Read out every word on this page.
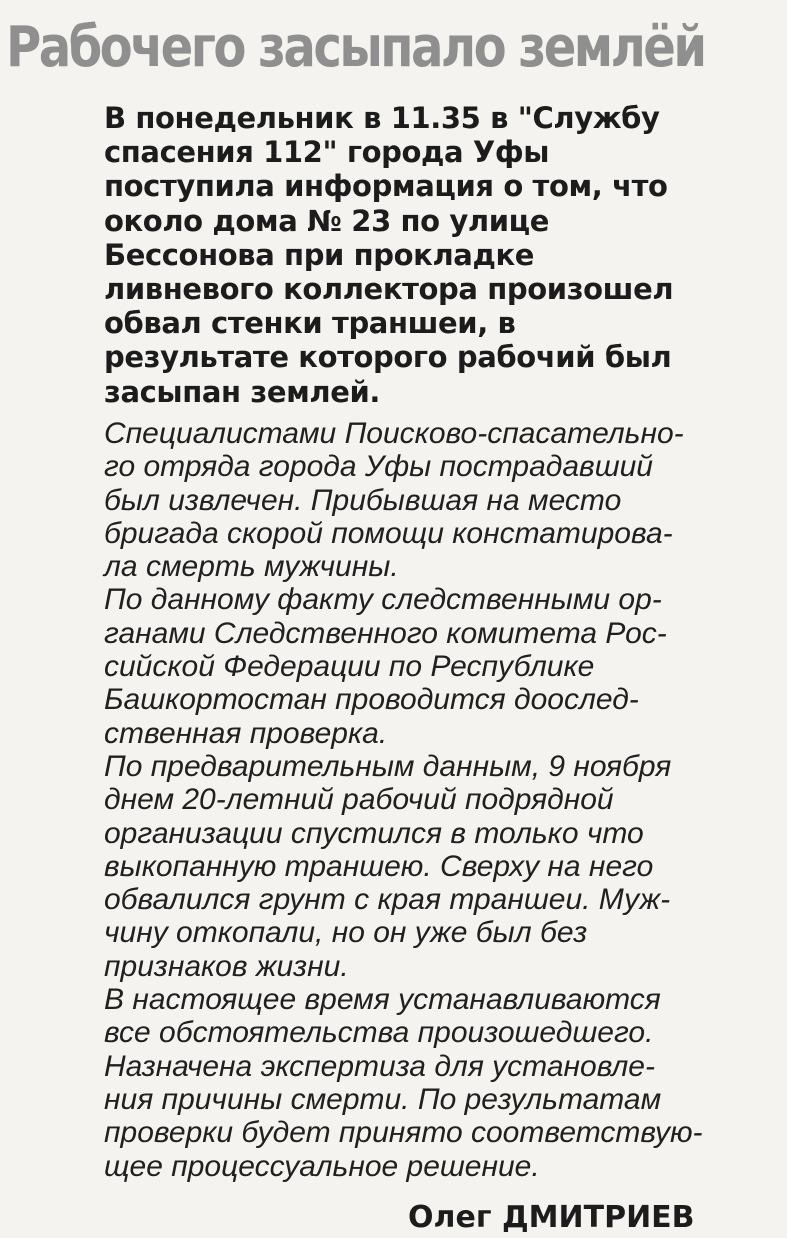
Рабочего засыпало землёй

В понедельник в 11.35 в "Службу
спасения 112" города Уфы
поступила информация о том, что
около дома № 23 по улице
Бессонова при прокладке
ливневого коллектора произошел
обвал стенки траншеи, в
результате которого рабочий был
засыпан землей.

Специалистами Поисково-спасательно-
го отряда города Уфы пострадавший
был извлечен. Прибывшая на место
бригада скорой помощи констатирова-
ла смерть мужчины.
По данному факту следственными ор-
ганами Следственного комитета Рос-
сийской Федерации по Республике
Башкортостан проводится доослед-
ственная проверка.
По предварительным данным, 9 ноября
днем 20-летний рабочий подрядной
организации спустился в только что
выкопанную траншею. Сверху на него
обвалился грунт с края траншеи. Муж-
чину откопали, но он уже был без
признаков жизни.
В настоящее время устанавливаются
все обстоятельства произошедшего.
Назначена экспертиза для установле-
ния причины смерти. По результатам
проверки будет принято соответствую-
щее процессуальное решение.

Олег ДМИТРИЕВ
